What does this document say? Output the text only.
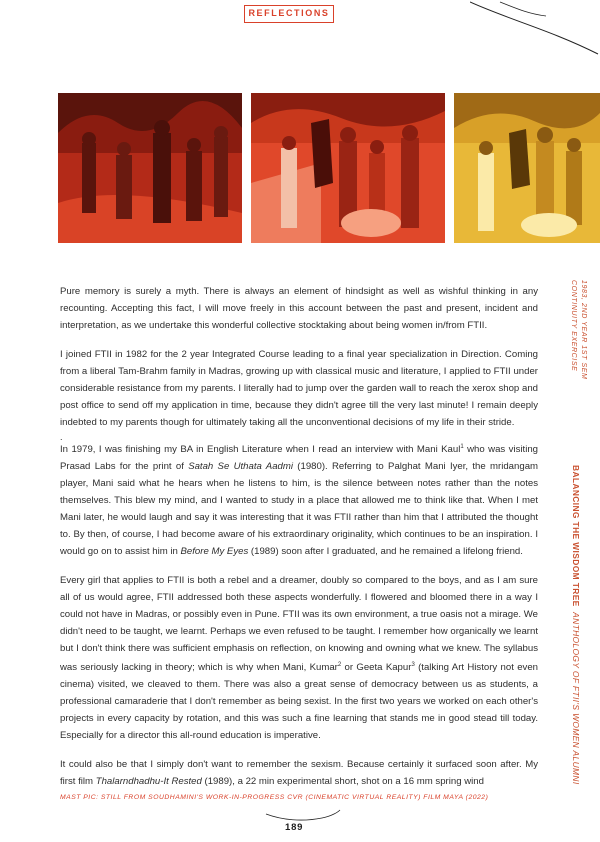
REFLECTIONS
1983, 2ND YEAR 1ST SEM CONTINUITY EXERCISE

Pure memory is surely a myth. There is always an element of hindsight as well as wishful thinking in any recounting. Accepting this fact, I will move freely in this account between the past and present, incident and interpretation, as we undertake this wonderful collective stocktaking about being women in/from FTII.

I joined FTII in 1982 for the 2 year Integrated Course leading to a final year specialization in Direction. Coming from a liberal Tam-Brahm family in Madras, growing up with classical music and literature, I applied to FTII under considerable resistance from my parents. I literally had to jump over the garden wall to reach the xerox shop and post office to send off my application in time, because they didn't agree till the very last minute! I remain deeply indebted to my parents though for ultimately taking all the unconventional decisions of my life in their stride.

.

In 1979, I was finishing my BA in English Literature when I read an interview with Mani Kaul$^1$ who was visiting Prasad Labs for the print of Satah Se Uthata Aadmi (1980). Referring to Palghat Mani Iyer, the mridangam player, Mani said what he hears when he listens to him, is the silence between notes rather than the notes themselves. This blew my mind, and I wanted to study in a place that allowed me to think like that. When I met Mani later, he would laugh and say it was interesting that it was FTII rather than him that I attributed the thought to. By then, of course, I had become aware of his extraordinary originality, which continues to be an inspiration. I would go on to assist him in Before My Eyes (1989) soon after I graduated, and he remained a lifelong friend.

Every girl that applies to FTII is both a rebel and a dreamer, doubly so compared to the boys, and as I am sure all of us would agree, FTII addressed both these aspects wonderfully. I flowered and bloomed there in a way I could not have in Madras, or possibly even in Pune. FTII was its own environment, a true oasis not a mirage. We didn't need to be taught, we learnt. Perhaps we even refused to be taught. I remember how organically we learnt but I don't think there was sufficient emphasis on reflection, on knowing and owning what we knew. The syllabus was seriously lacking in theory; which is why when Mani, Kumar$^2$ or Geeta Kapur$^3$ (talking Art History not even cinema) visited, we cleaved to them. There was also a great sense of democracy between us as students, a professional camaraderie that I don't remember as being sexist. In the first two years we worked on each other's projects in every capacity by rotation, and this was such a fine learning that stands me in good stead till today. Especially for a director this all-round education is imperative.

It could also be that I simply don't want to remember the sexism. Because certainly it surfaced soon after. My first film Thalarndhadhu-It Rested (1989), a 22 min experimental short, shot on a 16 mm spring wind

BALANCING THE WISDOM TREE  ANTHOLOGY OF FTII'S WOMEN ALUMNI
MAST PIC: STILL FROM SOUDHAMINI'S WORK-IN-PROGRESS CVR (CINEMATIC VIRTUAL REALITY) FILM MAYA (2022)
189
